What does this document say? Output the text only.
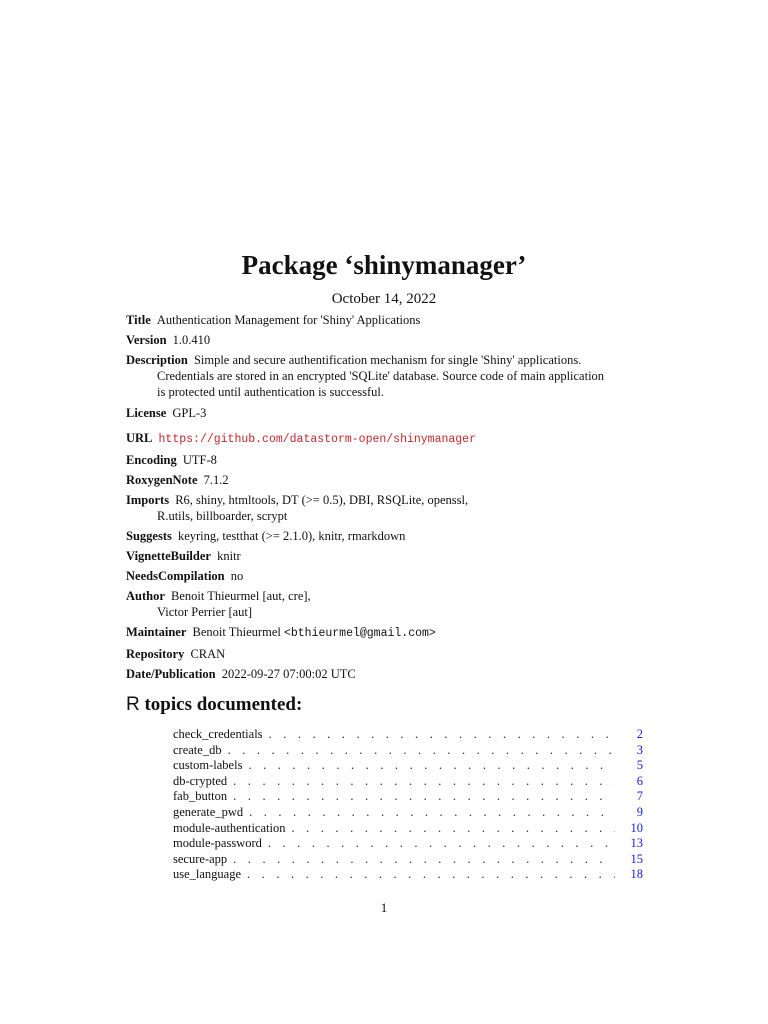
Package ‘shinymanager’
October 14, 2022
Title Authentication Management for 'Shiny' Applications
Version 1.0.410
Description Simple and secure authentification mechanism for single 'Shiny' applications.
Credentials are stored in an encrypted 'SQLite' database. Source code of main application
is protected until authentication is successful.
License GPL-3
URL https://github.com/datastorm-open/shinymanager
Encoding UTF-8
RoxygenNote 7.1.2
Imports R6, shiny, htmltools, DT (>= 0.5), DBI, RSQLite, openssl,
R.utils, billboarder, scrypt
Suggests keyring, testthat (>= 2.1.0), knitr, rmarkdown
VignetteBuilder knitr
NeedsCompilation no
Author Benoit Thieurmel [aut, cre],
Victor Perrier [aut]
Maintainer Benoit Thieurmel <bthieurmel@gmail.com>
Repository CRAN
Date/Publication 2022-09-27 07:00:02 UTC
R topics documented:
check_credentials . . .	2
create_db . . .	3
custom-labels . . .	5
db-crypted . . .	6
fab_button . . .	7
generate_pwd . . .	9
module-authentication . . .	10
module-password . . .	13
secure-app . . .	15
use_language . . .	18
1
